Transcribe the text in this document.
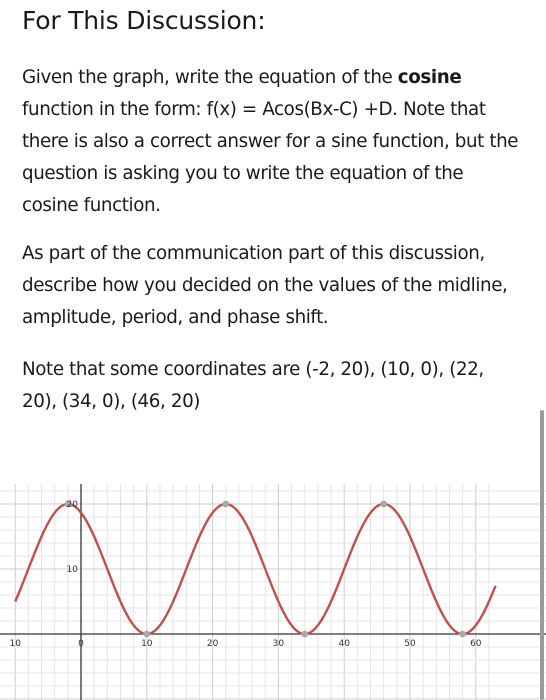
For This Discussion:

Given the graph, write the equation of the cosine function in the form: f(x) = Acos(Bx-C) +D. Note that there is also a correct answer for a sine function, but the question is asking you to write the equation of the cosine function.

As part of the communication part of this discussion, describe how you decided on the values of the midline, amplitude, period, and phase shift.

Note that some coordinates are (-2, 20), (10, 0), (22, 20), (34, 0), (46, 20)

10	0	10	20	30	40	50	60
10
20
